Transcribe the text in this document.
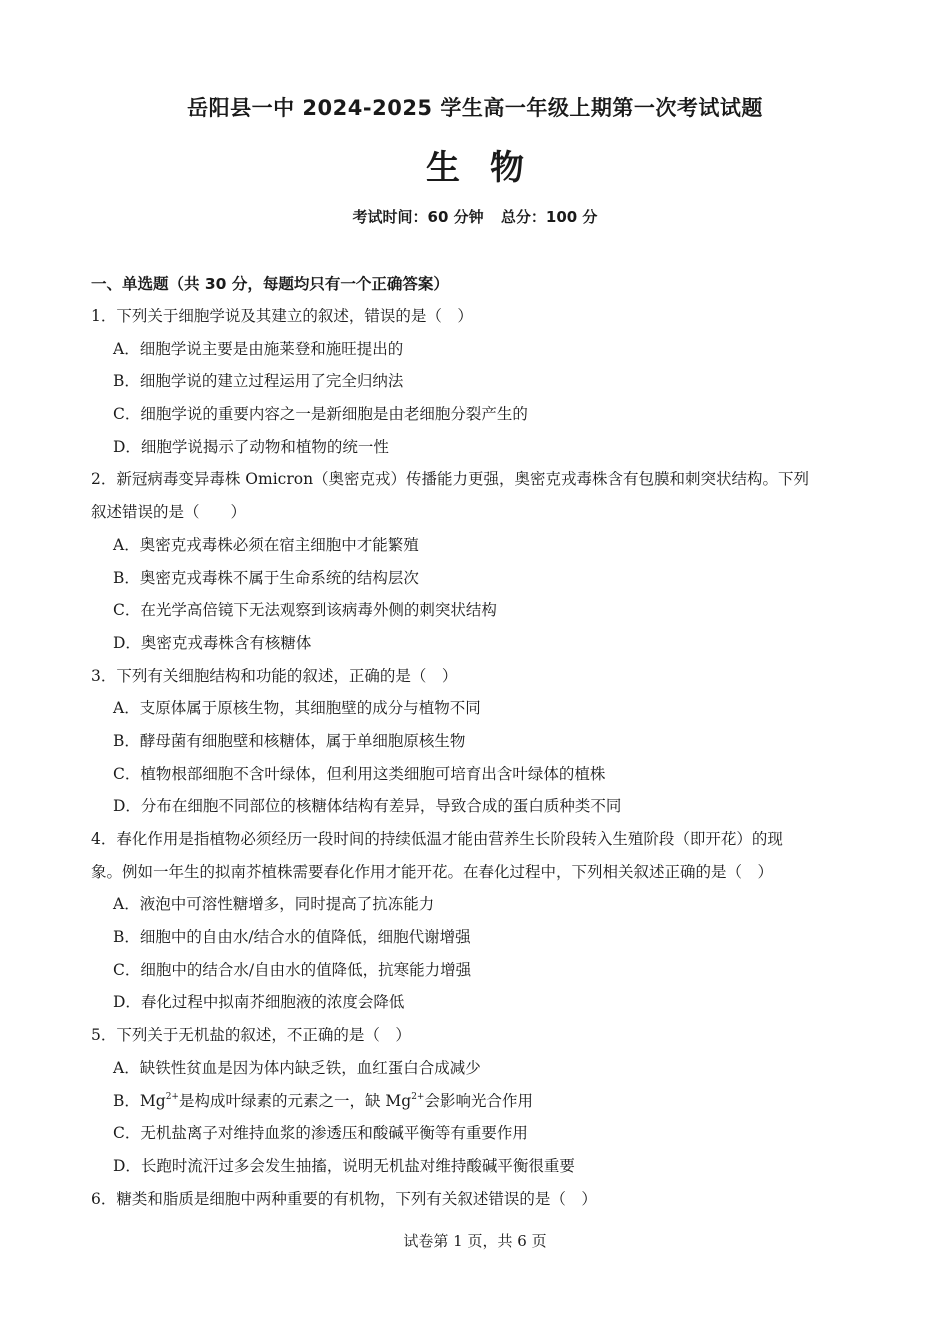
岳阳县一中 2024-2025 学生高一年级上期第一次考试试题
生物
考试时间：60 分钟 总分：100 分
一、单选题（共 30 分，每题均只有一个正确答案）
1．下列关于细胞学说及其建立的叙述，错误的是（　）
A．细胞学说主要是由施莱登和施旺提出的
B．细胞学说的建立过程运用了完全归纳法
C．细胞学说的重要内容之一是新细胞是由老细胞分裂产生的
D．细胞学说揭示了动物和植物的统一性
2．新冠病毒变异毒株 Omicron（奥密克戎）传播能力更强，奥密克戎毒株含有包膜和刺突状结构。下列
叙述错误的是（　　）
A．奥密克戎毒株必须在宿主细胞中才能繁殖
B．奥密克戎毒株不属于生命系统的结构层次
C．在光学高倍镜下无法观察到该病毒外侧的刺突状结构
D．奥密克戎毒株含有核糖体
3．下列有关细胞结构和功能的叙述，正确的是（　）
A．支原体属于原核生物，其细胞壁的成分与植物不同
B．酵母菌有细胞壁和核糖体，属于单细胞原核生物
C．植物根部细胞不含叶绿体，但利用这类细胞可培育出含叶绿体的植株
D．分布在细胞不同部位的核糖体结构有差异，导致合成的蛋白质种类不同
4．春化作用是指植物必须经历一段时间的持续低温才能由营养生长阶段转入生殖阶段（即开花）的现
象。例如一年生的拟南芥植株需要春化作用才能开花。在春化过程中，下列相关叙述正确的是（　）
A．液泡中可溶性糖增多，同时提高了抗冻能力
B．细胞中的自由水/结合水的值降低，细胞代谢增强
C．细胞中的结合水/自由水的值降低，抗寒能力增强
D．春化过程中拟南芥细胞液的浓度会降低
5．下列关于无机盐的叙述，不正确的是（　）
A．缺铁性贫血是因为体内缺乏铁，血红蛋白合成减少
B．$Mg^{2+}$是构成叶绿素的元素之一，缺 $Mg^{2+}$会影响光合作用
C．无机盐离子对维持血浆的渗透压和酸碱平衡等有重要作用
D．长跑时流汗过多会发生抽搐，说明无机盐对维持酸碱平衡很重要
6．糖类和脂质是细胞中两种重要的有机物，下列有关叙述错误的是（　）
试卷第 1 页，共 6 页
